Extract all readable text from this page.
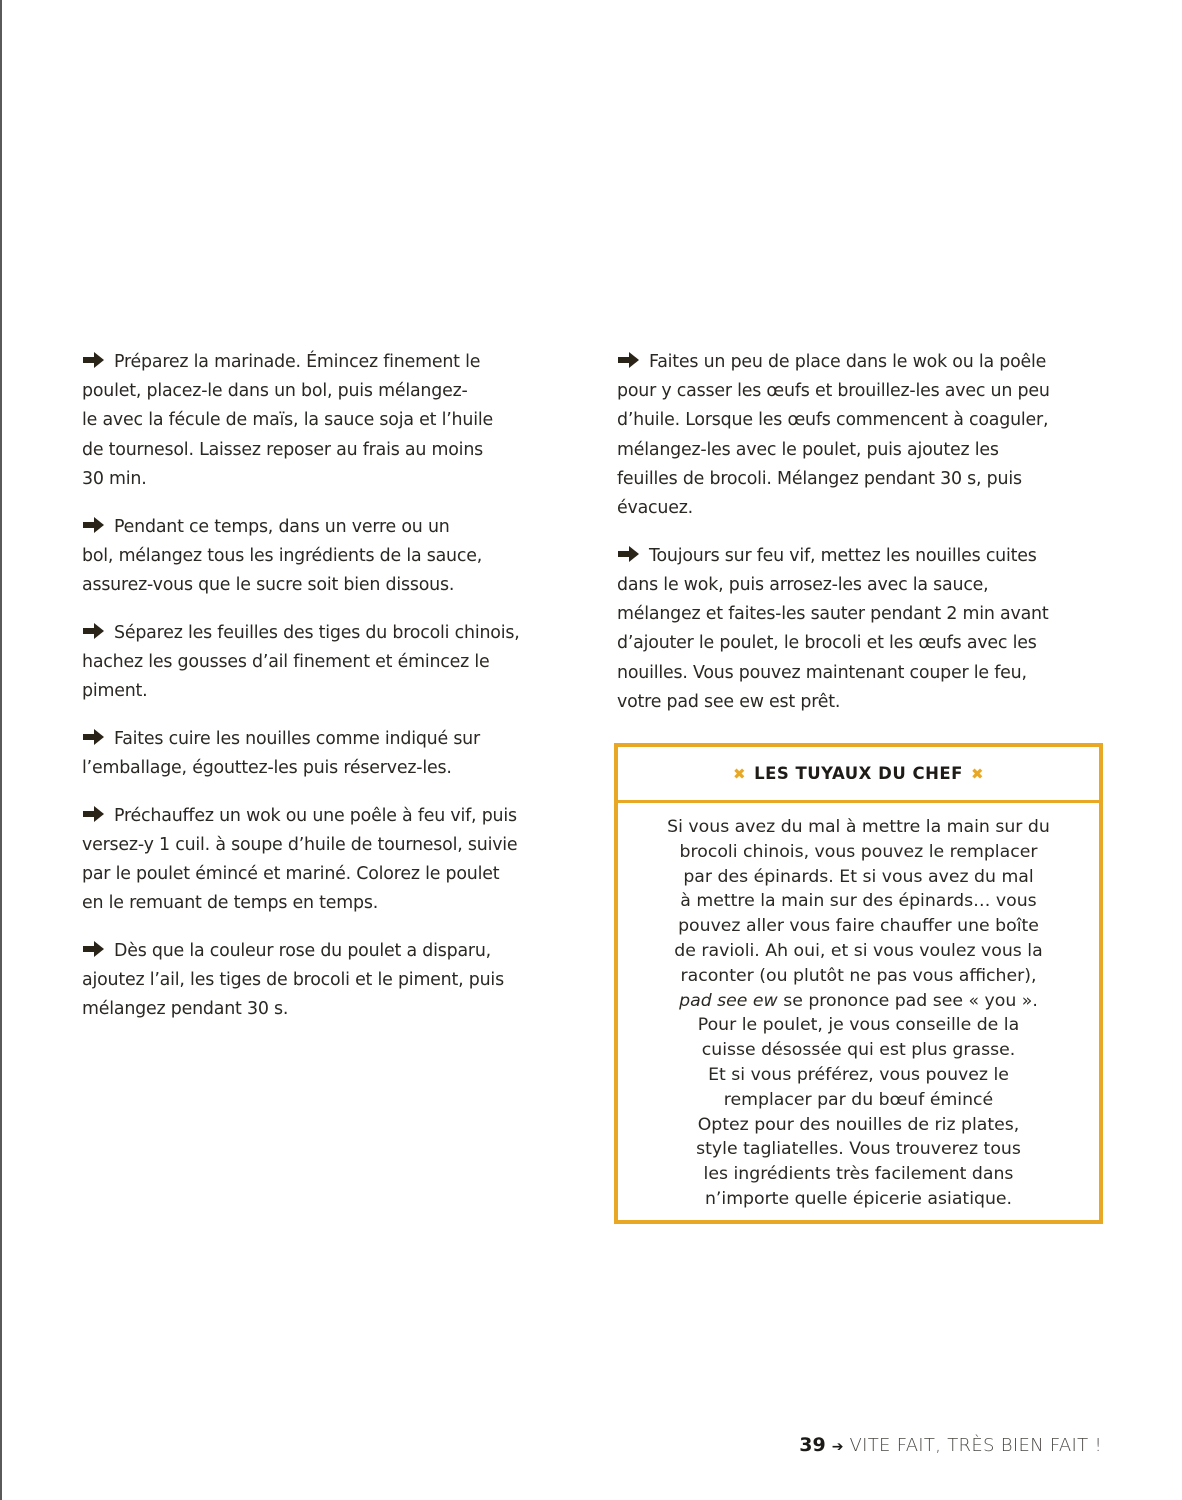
Préparez la marinade. Émincez finement le
poulet, placez-le dans un bol, puis mélangez-
le avec la fécule de maïs, la sauce soja et l’huile
de tournesol. Laissez reposer au frais au moins
30 min.
Pendant ce temps, dans un verre ou un
bol, mélangez tous les ingrédients de la sauce,
assurez-vous que le sucre soit bien dissous.
Séparez les feuilles des tiges du brocoli chinois,
hachez les gousses d’ail finement et émincez le
piment.
Faites cuire les nouilles comme indiqué sur
l’emballage, égouttez-les puis réservez-les.
Préchauffez un wok ou une poêle à feu vif, puis
versez-y 1 cuil. à soupe d’huile de tournesol, suivie
par le poulet émincé et mariné. Colorez le poulet
en le remuant de temps en temps.
Dès que la couleur rose du poulet a disparu,
ajoutez l’ail, les tiges de brocoli et le piment, puis
mélangez pendant 30 s.
Faites un peu de place dans le wok ou la poêle
pour y casser les œufs et brouillez-les avec un peu
d’huile. Lorsque les œufs commencent à coaguler,
mélangez-les avec le poulet, puis ajoutez les
feuilles de brocoli. Mélangez pendant 30 s, puis
évacuez.
Toujours sur feu vif, mettez les nouilles cuites
dans le wok, puis arrosez-les avec la sauce,
mélangez et faites-les sauter pendant 2 min avant
d’ajouter le poulet, le brocoli et les œufs avec les
nouilles. Vous pouvez maintenant couper le feu,
votre pad see ew est prêt.
✖ LES TUYAUX DU CHEF ✖
Si vous avez du mal à mettre la main sur du
brocoli chinois, vous pouvez le remplacer
par des épinards. Et si vous avez du mal
à mettre la main sur des épinards… vous
pouvez aller vous faire chauffer une boîte
de ravioli. Ah oui, et si vous voulez vous la
raconter (ou plutôt ne pas vous afficher),
pad see ew se prononce pad see « you ».
Pour le poulet, je vous conseille de la
cuisse désossée qui est plus grasse.
Et si vous préférez, vous pouvez le
remplacer par du bœuf émincé
Optez pour des nouilles de riz plates,
style tagliatelles. Vous trouverez tous
les ingrédients très facilement dans
n’importe quelle épicerie asiatique.
39 ➔ VITE FAIT, TRÈS BIEN FAIT !
